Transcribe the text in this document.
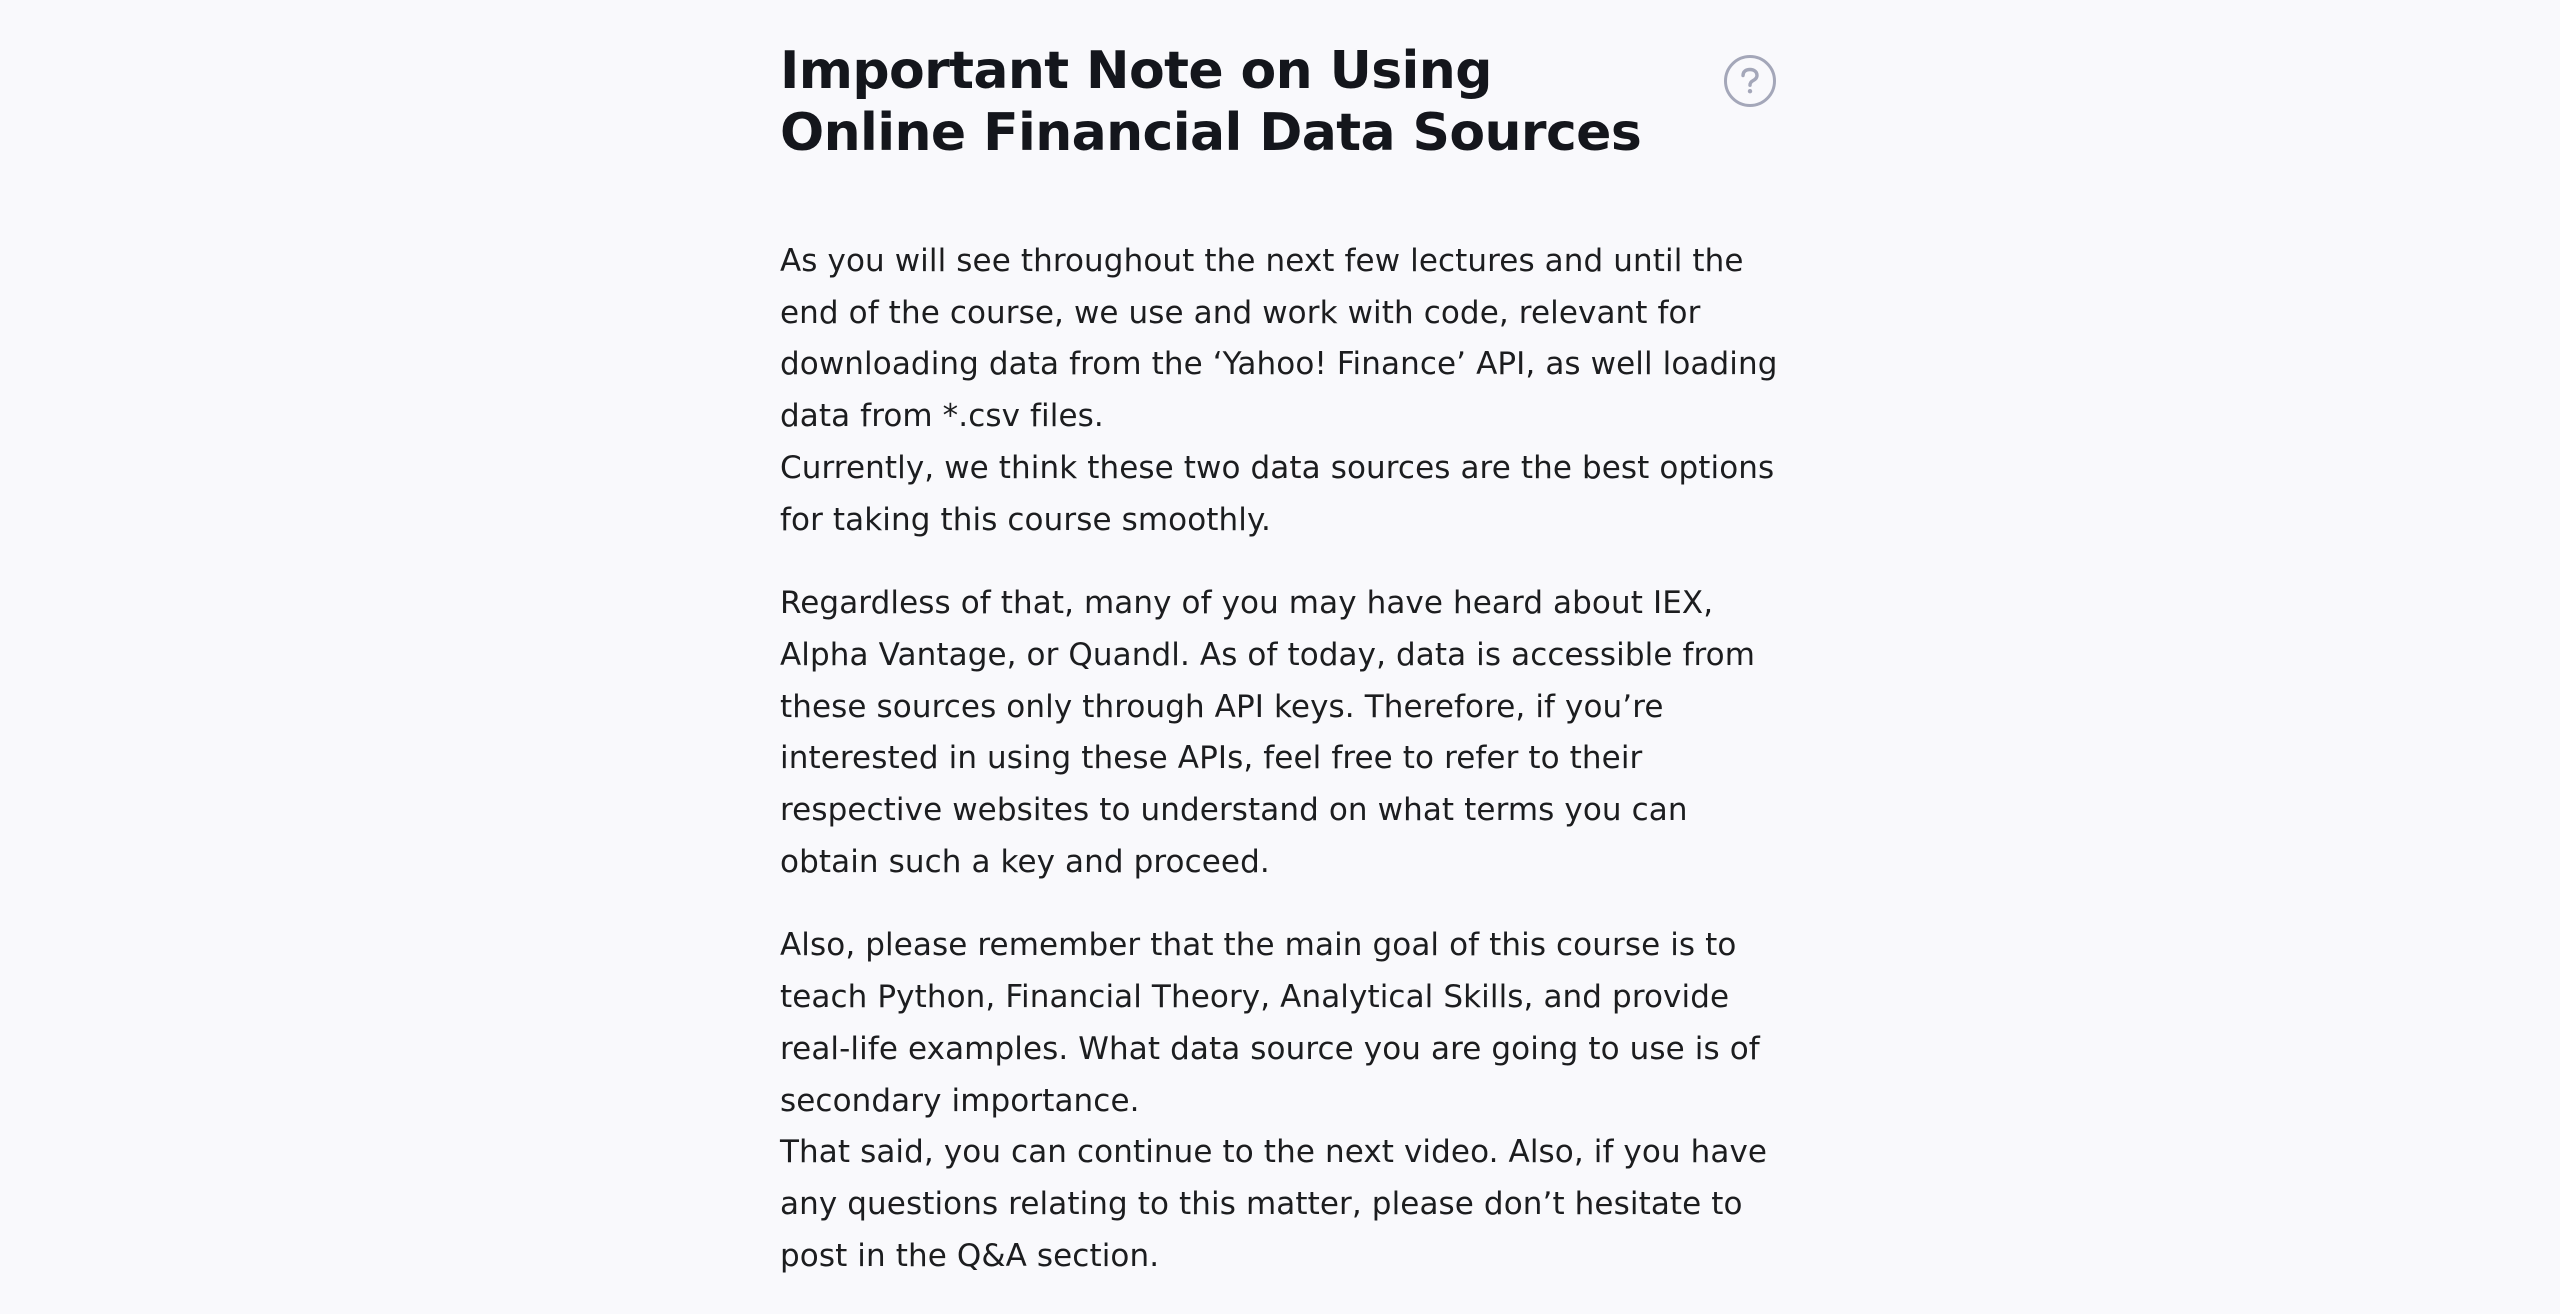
Important Note on Using Online Financial Data Sources

As you will see throughout the next few lectures and until the end of the course, we use and work with code, relevant for downloading data from the ‘Yahoo! Finance’ API, as well loading data from *.csv files.

Currently, we think these two data sources are the best options for taking this course smoothly.

Regardless of that, many of you may have heard about IEX, Alpha Vantage, or Quandl. As of today, data is accessible from these sources only through API keys. Therefore, if you’re interested in using these APIs, feel free to refer to their respective websites to understand on what terms you can obtain such a key and proceed.

Also, please remember that the main goal of this course is to teach Python, Financial Theory, Analytical Skills, and provide real-life examples. What data source you are going to use is of secondary importance.

That said, you can continue to the next video. Also, if you have any questions relating to this matter, please don’t hesitate to post in the Q&A section.
